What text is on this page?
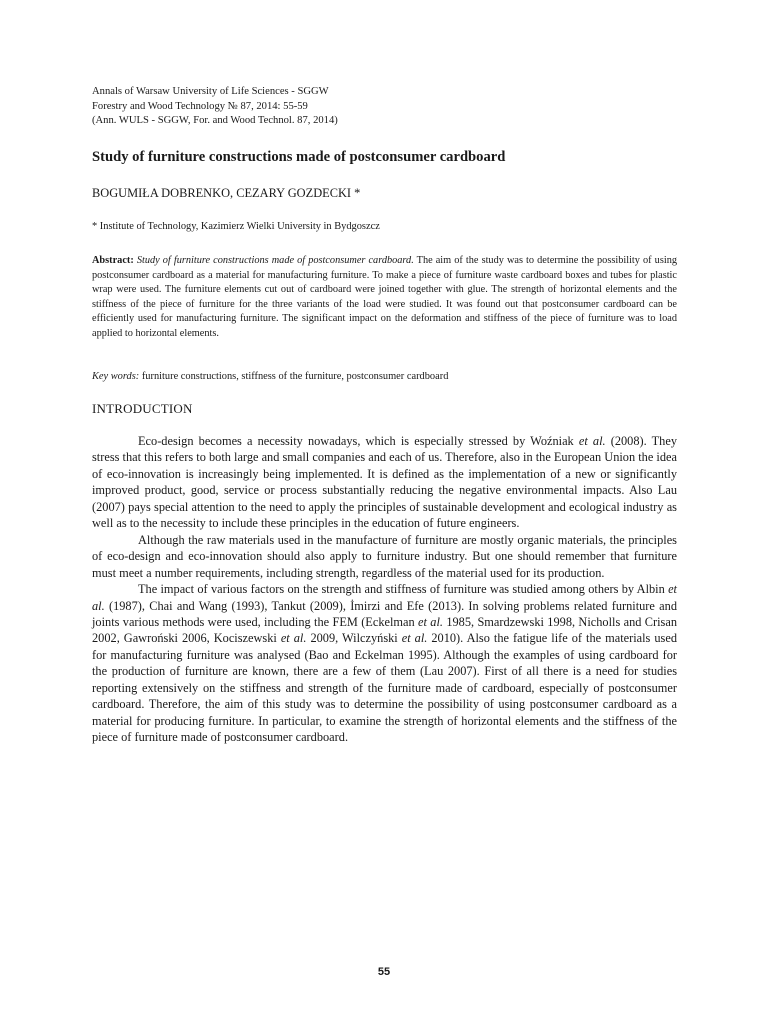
Annals of Warsaw University of Life Sciences - SGGW
Forestry and Wood Technology № 87, 2014: 55-59
(Ann. WULS - SGGW, For. and Wood Technol. 87, 2014)
Study of furniture constructions made of postconsumer cardboard
BOGUMIŁA DOBRENKO, CEZARY GOZDECKI *
* Institute of Technology, Kazimierz Wielki University in Bydgoszcz
Abstract: Study of furniture constructions made of postconsumer cardboard. The aim of the study was to determine the possibility of using postconsumer cardboard as a material for manufacturing furniture. To make a piece of furniture waste cardboard boxes and tubes for plastic wrap were used. The furniture elements cut out of cardboard were joined together with glue. The strength of horizontal elements and the stiffness of the piece of furniture for the three variants of the load were studied. It was found out that postconsumer cardboard can be efficiently used for manufacturing furniture. The significant impact on the deformation and stiffness of the piece of furniture was to load applied to horizontal elements.
Key words: furniture constructions, stiffness of the furniture, postconsumer cardboard
INTRODUCTION

Eco-design becomes a necessity nowadays, which is especially stressed by Woźniak et al. (2008). They stress that this refers to both large and small companies and each of us. Therefore, also in the European Union the idea of eco-innovation is increasingly being implemented. It is defined as the implementation of a new or significantly improved product, good, service or process substantially reducing the negative environmental impacts. Also Lau (2007) pays special attention to the need to apply the principles of sustainable development and ecological industry as well as to the necessity to include these principles in the education of future engineers.

Although the raw materials used in the manufacture of furniture are mostly organic materials, the principles of eco-design and eco-innovation should also apply to furniture industry. But one should remember that furniture must meet a number requirements, including strength, regardless of the material used for its production.

The impact of various factors on the strength and stiffness of furniture was studied among others by Albin et al. (1987), Chai and Wang (1993), Tankut (2009), İmirzi and Efe (2013). In solving problems related furniture and joints various methods were used, including the FEM (Eckelman et al. 1985, Smardzewski 1998, Nicholls and Crisan 2002, Gawroński 2006, Kociszewski et al. 2009, Wilczyński et al. 2010). Also the fatigue life of the materials used for manufacturing furniture was analysed (Bao and Eckelman 1995). Although the examples of using cardboard for the production of furniture are known, there are a few of them (Lau 2007). First of all there is a need for studies reporting extensively on the stiffness and strength of the furniture made of cardboard, especially of postconsumer cardboard. Therefore, the aim of this study was to determine the possibility of using postconsumer cardboard as a material for producing furniture. In particular, to examine the strength of horizontal elements and the stiffness of the piece of furniture made of postconsumer cardboard.

55
